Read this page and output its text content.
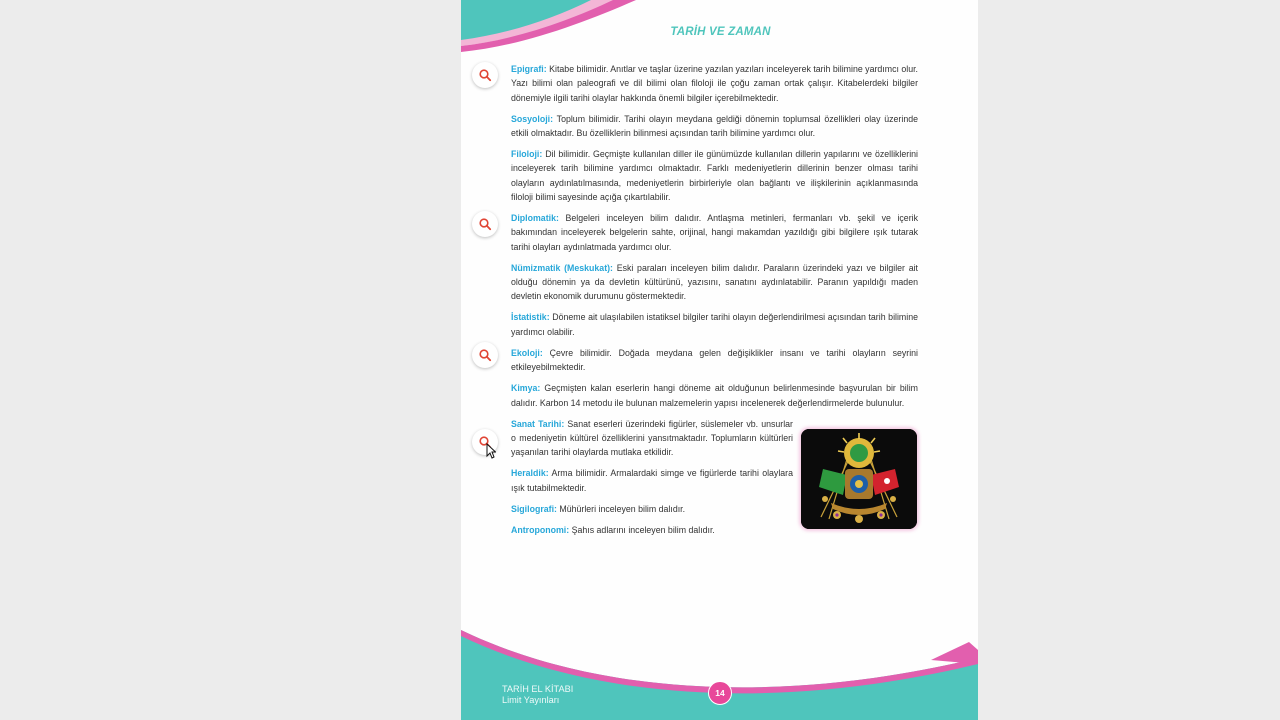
TARİH VE ZAMAN

Epigrafi: Kitabe bilimidir. Anıtlar ve taşlar üzerine yazılan yazıları inceleyerek tarih bilimine yardımcı olur. Yazı bilimi olan paleografi ve dil bilimi olan filoloji ile çoğu zaman ortak çalışır. Kitabelerdeki bilgiler dönemiyle ilgili tarihi olaylar hakkında önemli bilgiler içerebilmektedir.

Sosyoloji: Toplum bilimidir. Tarihi olayın meydana geldiği dönemin toplumsal özellikleri olay üzerinde etkili olmaktadır. Bu özelliklerin bilinmesi açısından tarih bilimine yardımcı olur.

Filoloji: Dil bilimidir. Geçmişte kullanılan diller ile günümüzde kullanılan dillerin yapılarını ve özelliklerini inceleyerek tarih bilimine yardımcı olmaktadır. Farklı medeniyetlerin dillerinin benzer olması tarihi olayların aydınlatılmasında, medeniyetlerin birbirleriyle olan bağlantı ve ilişkilerinin açıklanmasında filoloji bilimi sayesinde açığa çıkartılabilir.

Diplomatik: Belgeleri inceleyen bilim dalıdır. Antlaşma metinleri, fermanları vb. şekil ve içerik bakımından inceleyerek belgelerin sahte, orijinal, hangi makamdan yazıldığı gibi bilgilere ışık tutarak tarihi olayları aydınlatmada yardımcı olur.

Nümizmatik (Meskukat): Eski paraları inceleyen bilim dalıdır. Paraların üzerindeki yazı ve bilgiler ait olduğu dönemin ya da devletin kültürünü, yazısını, sanatını aydınlatabilir. Paranın yapıldığı maden devletin ekonomik durumunu göstermektedir.

İstatistik: Döneme ait ulaşılabilen istatiksel bilgiler tarihi olayın değerlendirilmesi açısından tarih bilimine yardımcı olabilir.

Ekoloji: Çevre bilimidir. Doğada meydana gelen değişiklikler insanı ve tarihi olayların seyrini etkileyebilmektedir.

Kimya: Geçmişten kalan eserlerin hangi döneme ait olduğunun belirlenmesinde başvurulan bir bilim dalıdır. Karbon 14 metodu ile bulunan malzemelerin yapısı incelenerek değerlendirmelerde bulunulur.

Sanat Tarihi: Sanat eserleri üzerindeki figürler, süslemeler vb. unsurlar o medeniyetin kültürel özelliklerini yansıtmaktadır. Toplumların kültürleri yaşanılan tarihi olaylarda mutlaka etkilidir.

Heraldik: Arma bilimidir. Armalardaki simge ve figürlerde tarihi olaylara ışık tutabilmektedir.

Sigilografi: Mühürleri inceleyen bilim dalıdır.

Antroponomi: Şahıs adlarını inceleyen bilim dalıdır.

TARİH EL KİTABI
Limit Yayınları
14
